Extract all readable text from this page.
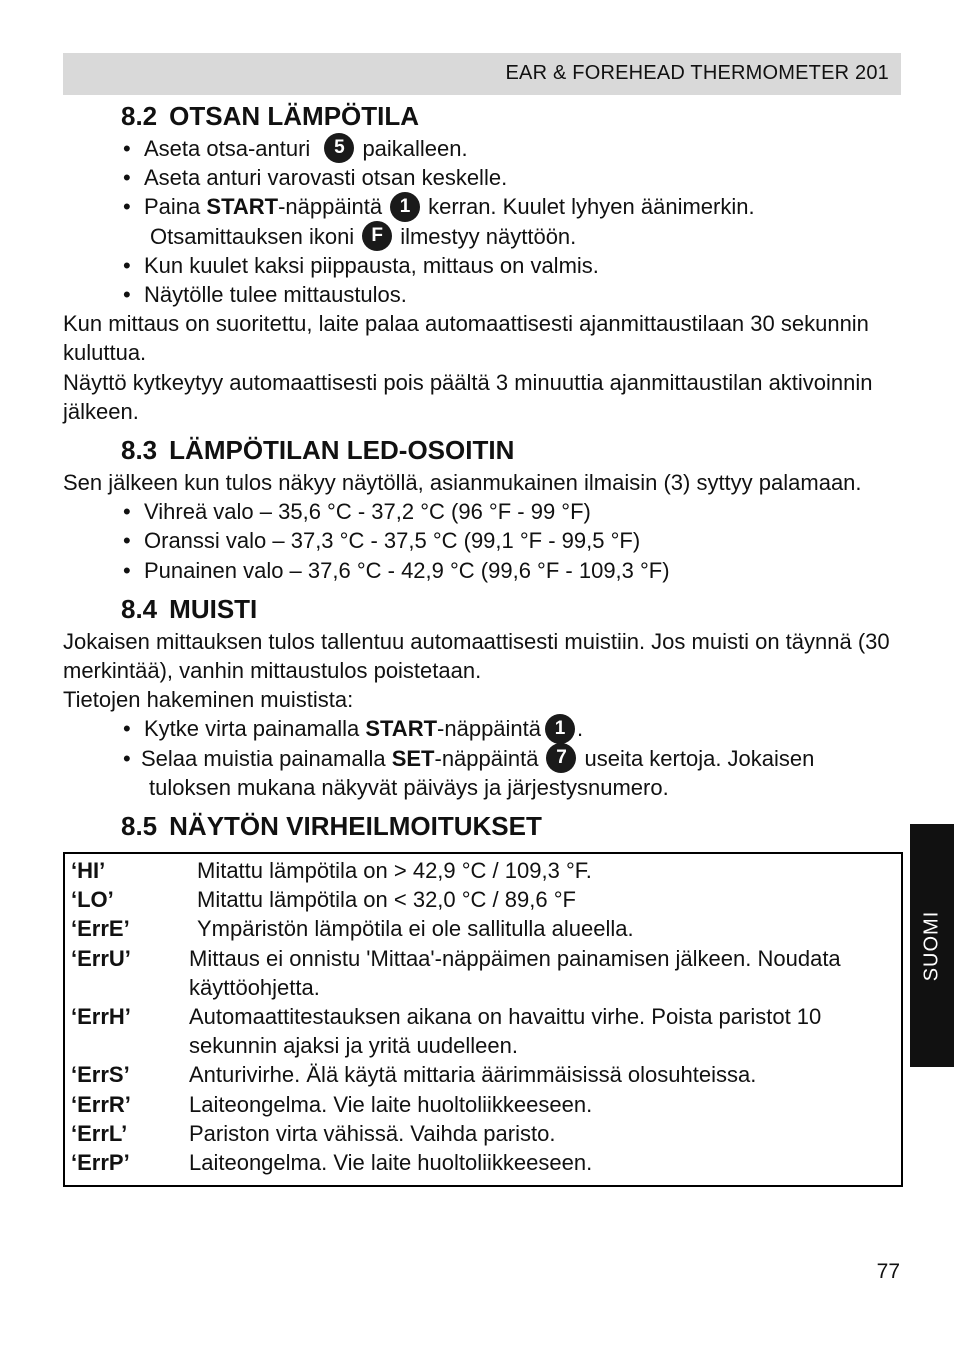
EAR & FOREHEAD THERMOMETER 201
8.2 OTSAN LÄMPÖTILA
• Aseta otsa-anturi 5 paikalleen.
• Aseta anturi varovasti otsan keskelle.
• Paina START-näppäintä 1 kerran. Kuulet lyhyen äänimerkin.
Otsamittauksen ikoni F ilmestyy näyttöön.
• Kun kuulet kaksi piippausta, mittaus on valmis.
• Näytölle tulee mittaustulos.

Kun mittaus on suoritettu, laite palaa automaattisesti ajanmittaustilaan 30 sekunnin kuluttua.

Näyttö kytkeytyy automaattisesti pois päältä 3 minuuttia ajanmittaustilan aktivoinnin jälkeen.

8.3 LÄMPÖTILAN LED-OSOITIN

Sen jälkeen kun tulos näkyy näytöllä, asianmukainen ilmaisin (3) syttyy palamaan.

• Vihreä valo – 35,6 °C - 37,2 °C (96 °F - 99 °F)
• Oranssi valo – 37,3 °C - 37,5 °C (99,1 °F - 99,5 °F)
• Punainen valo – 37,6 °C - 42,9 °C (99,6 °F - 109,3 °F)
8.4 MUISTI

Jokaisen mittauksen tulos tallentuu automaattisesti muistiin. Jos muisti on täynnä (30 merkintää), vanhin mittaustulos poistetaan.

Tietojen hakeminen muistista:

• Kytke virta painamalla START-näppäintä 1 .
• Selaa muistia painamalla SET-näppäintä 7 useita kertoja. Jokaisen
tuloksen mukana näkyvät päiväys ja järjestysnumero.
8.5 NÄYTÖN VIRHEILMOITUKSET
‘HI’	Mitattu lämpötila on > 42,9 °C / 109,3 °F.
‘LO’	Mitattu lämpötila on < 32,0 °C / 89,6 °F
‘ErrE’	Ympäristön lämpötila ei ole sallitulla alueella.
‘ErrU’	Mittaus ei onnistu 'Mittaa'-näppäimen painamisen jälkeen. Noudata käyttöohjetta.
‘ErrH’	Automaattitestauksen aikana on havaittu virhe. Poista paristot 10 sekunnin ajaksi ja yritä uudelleen.
‘ErrS’	Anturivirhe. Älä käytä mittaria äärimmäisissä olosuhteissa.
‘ErrR’	Laiteongelma. Vie laite huoltoliikkeeseen.
‘ErrL’	Pariston virta vähissä. Vaihda paristo.
‘ErrP’	Laiteongelma. Vie laite huoltoliikkeeseen.
SUOMI
77
